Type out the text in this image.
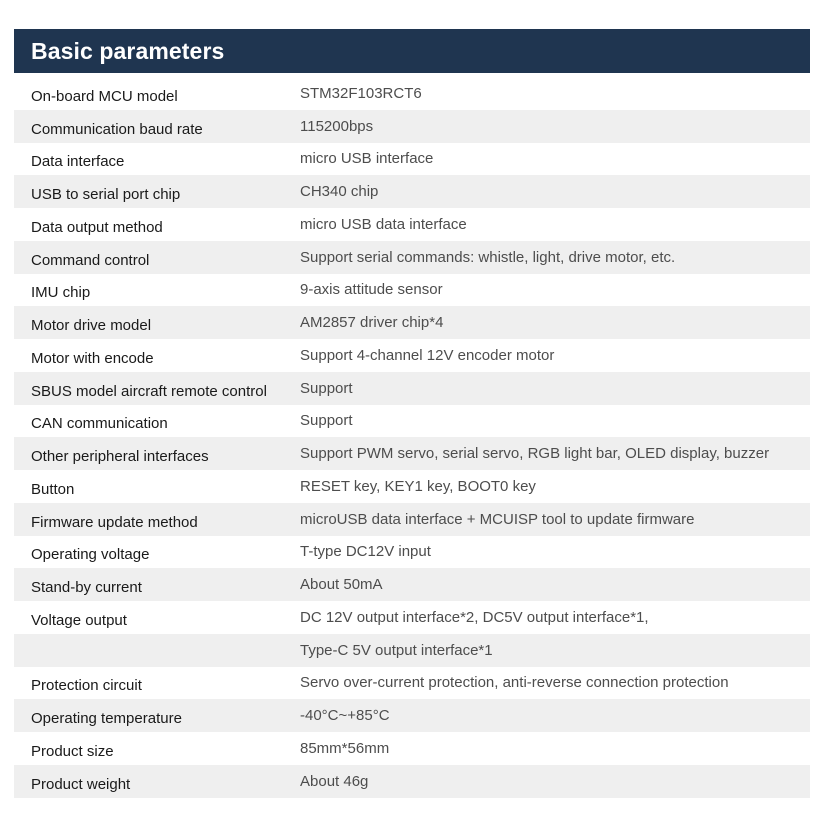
Basic parameters
On-board MCU model	STM32F103RCT6
Communication baud rate	115200bps
Data interface	micro USB interface
USB to serial port chip	CH340 chip
Data output method	micro USB data interface
Command control	Support serial commands: whistle, light, drive motor, etc.
IMU chip	9-axis attitude sensor
Motor drive model	AM2857 driver chip*4
Motor with encode	Support 4-channel 12V encoder motor
SBUS model aircraft remote control	Support
CAN communication	Support
Other peripheral interfaces	Support PWM servo, serial servo, RGB light bar, OLED display, buzzer
Button	RESET key, KEY1 key, BOOT0 key
Firmware update method	microUSB data interface + MCUISP tool to update firmware
Operating voltage	T-type DC12V input
Stand-by current	About 50mA
Voltage output	DC 12V output interface*2, DC5V output interface*1,
Type-C 5V output interface*1
Protection circuit	Servo over-current protection, anti-reverse connection protection
Operating temperature	-40°C~+85°C
Product size	85mm*56mm
Product weight	About 46g
